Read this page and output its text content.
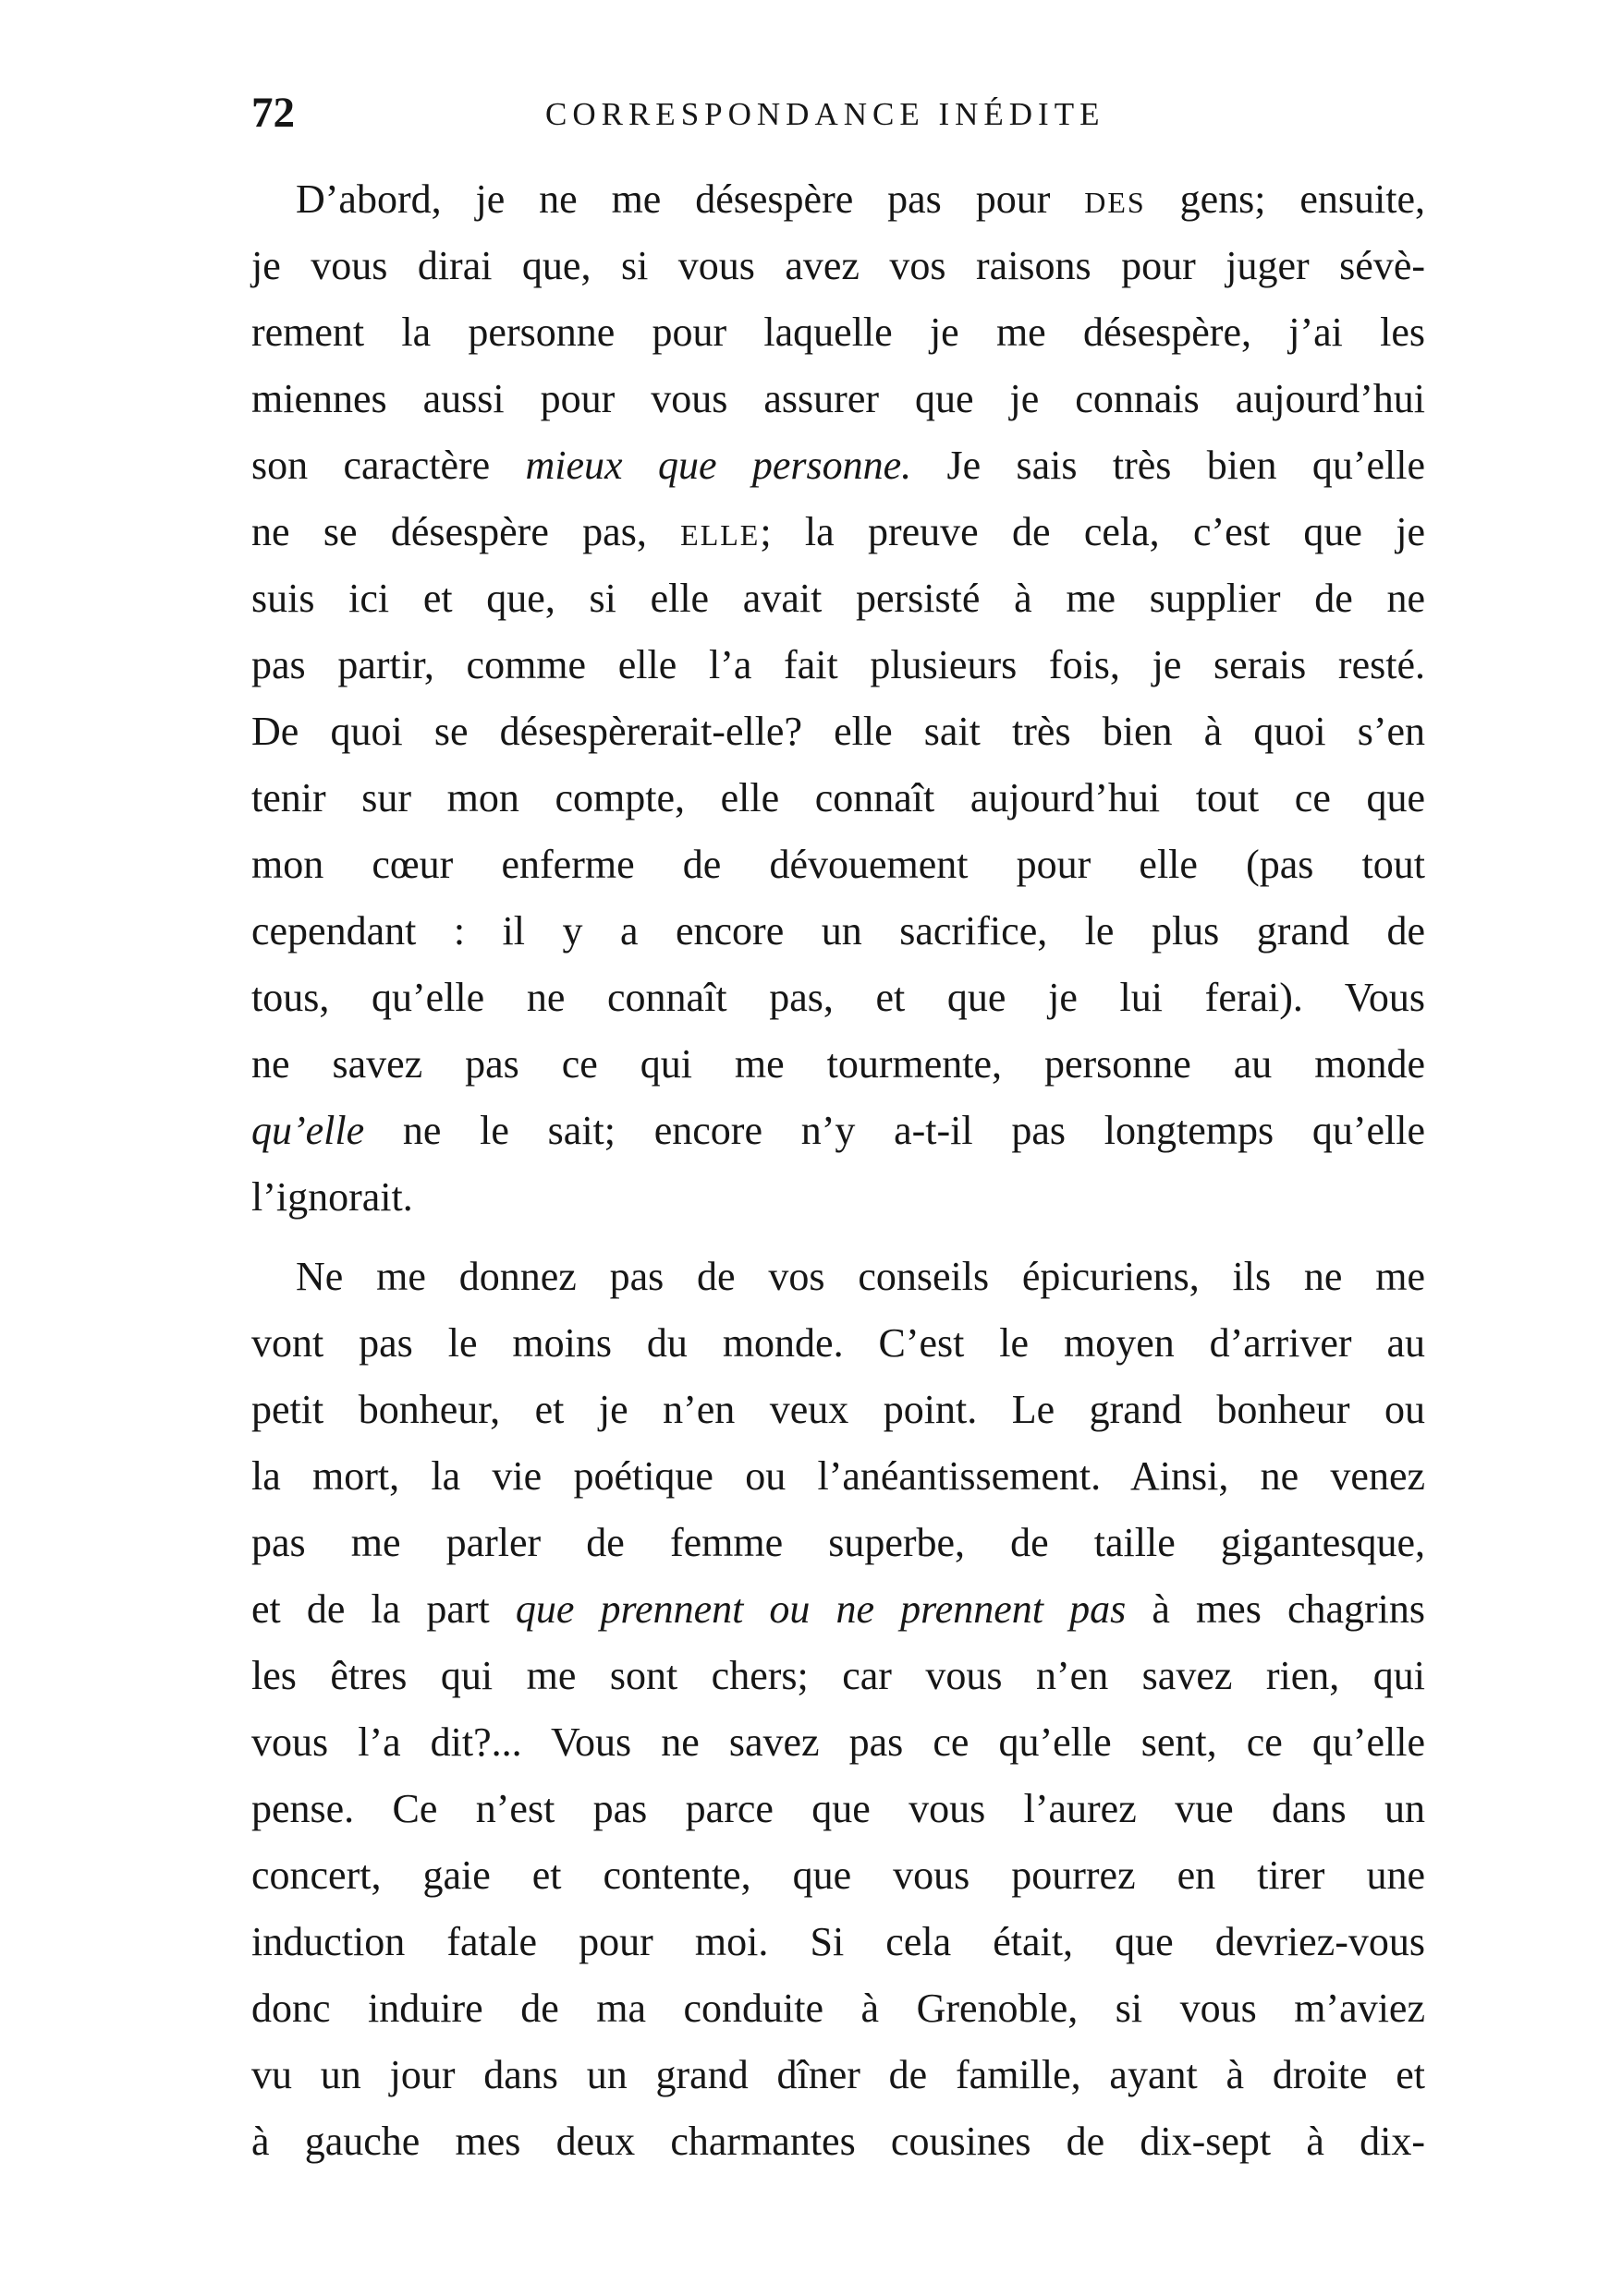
72	CORRESPONDANCE INÉDITE
D’abord, je ne me désespère pas pour DES gens; ensuite,
je vous dirai que, si vous avez vos raisons pour juger sévè-
rement la personne pour laquelle je me désespère, j’ai les
miennes aussi pour vous assurer que je connais aujourd’hui
son caractère mieux que personne. Je sais très bien qu’elle
ne se désespère pas, ELLE; la preuve de cela, c’est que je
suis ici et que, si elle avait persisté à me supplier de ne
pas partir, comme elle l’a fait plusieurs fois, je serais resté.
De quoi se désespèrerait-elle? elle sait très bien à quoi s’en
tenir sur mon compte, elle connaît aujourd’hui tout ce que
mon cœur enferme de dévouement pour elle (pas tout
cependant : il y a encore un sacrifice, le plus grand de
tous, qu’elle ne connaît pas, et que je lui ferai). Vous
ne savez pas ce qui me tourmente, personne au monde
qu’elle ne le sait; encore n’y a-t-il pas longtemps qu’elle
l’ignorait.
Ne me donnez pas de vos conseils épicuriens, ils ne me
vont pas le moins du monde. C’est le moyen d’arriver au
petit bonheur, et je n’en veux point. Le grand bonheur ou
la mort, la vie poétique ou l’anéantissement. Ainsi, ne venez
pas me parler de femme superbe, de taille gigantesque,
et de la part que prennent ou ne prennent pas à mes chagrins
les êtres qui me sont chers; car vous n’en savez rien, qui
vous l’a dit?... Vous ne savez pas ce qu’elle sent, ce qu’elle
pense. Ce n’est pas parce que vous l’aurez vue dans un
concert, gaie et contente, que vous pourrez en tirer une
induction fatale pour moi. Si cela était, que devriez-vous
donc induire de ma conduite à Grenoble, si vous m’aviez
vu un jour dans un grand dîner de famille, ayant à droite et
à gauche mes deux charmantes cousines de dix-sept à dix-
